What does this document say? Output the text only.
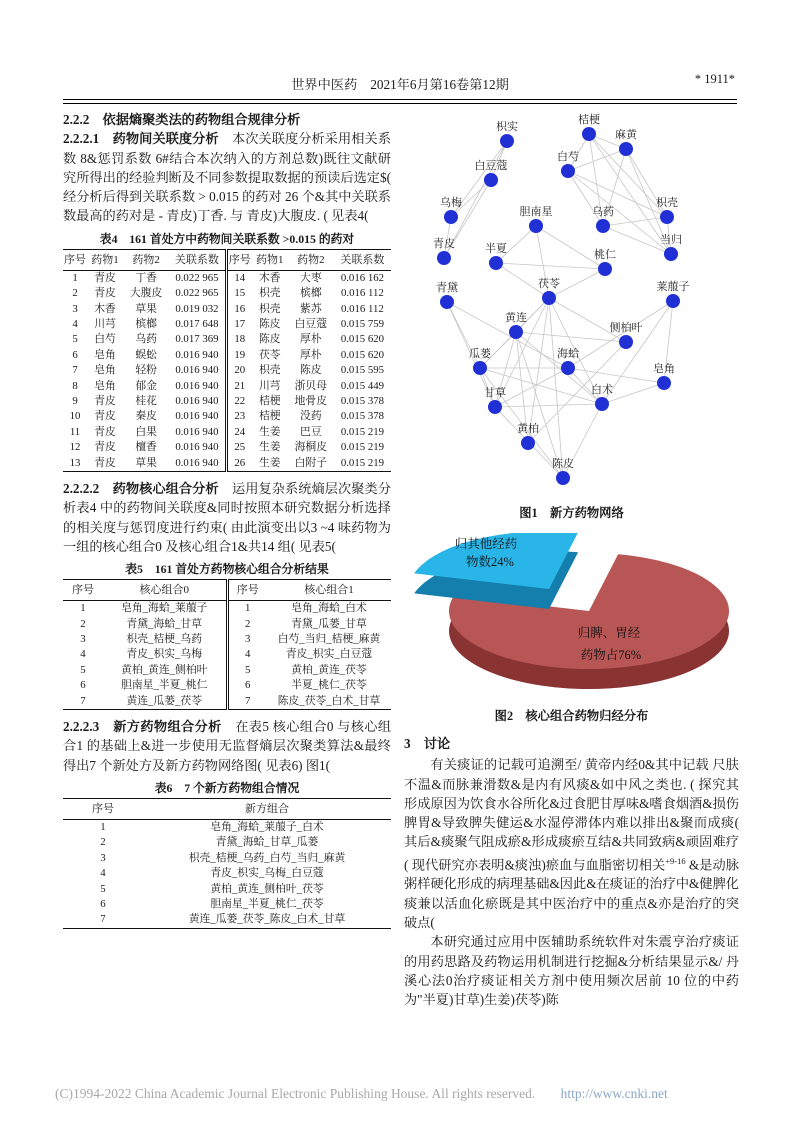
世界中医药　2021年6月第16卷第12期	* 1911*
2.2.2　依据熵聚类法的药物组合规律分析

2.2.2.1　药物间关联度分析　本次关联度分析采用相关系数 8&惩罚系数 6#结合本次纳入的方剂总数)既往文献研究所得出的经验判断及不同参数提取数据的预读后选定$( 经分析后得到关联系数 > 0.015 的药对 26 个&其中关联系数最高的药对是 - 青皮)丁香. 与 青皮)大腹皮. ( 见表4(

表4　161 首处方中药物间关联系数 >0.015 的药对
序号	药物1	药物2	关联系数	序号	药物1	药物2	关联系数
1	青皮	丁香	0.022 965	14	木香	大枣	0.016 162
2	青皮	大腹皮	0.022 965	15	枳壳	槟榔	0.016 112
3	木香	草果	0.019 032	16	枳壳	紫苏	0.016 112
4	川芎	槟榔	0.017 648	17	陈皮	白豆蔻	0.015 759
5	白芍	乌药	0.017 369	18	陈皮	厚朴	0.015 620
6	皂角	蜈蚣	0.016 940	19	茯苓	厚朴	0.015 620
7	皂角	轻粉	0.016 940	20	枳壳	陈皮	0.015 595
8	皂角	郁金	0.016 940	21	川芎	浙贝母	0.015 449
9	青皮	桂花	0.016 940	22	桔梗	地骨皮	0.015 378
10	青皮	秦皮	0.016 940	23	桔梗	没药	0.015 378
11	青皮	白果	0.016 940	24	生姜	巴豆	0.015 219
12	青皮	檀香	0.016 940	25	生姜	海桐皮	0.015 219
13	青皮	草果	0.016 940	26	生姜	白附子	0.015 219

2.2.2.2　药物核心组合分析　运用复杂系统熵层次聚类分析表4 中的药物间关联度&同时按照本研究数据分析选择的相关度与惩罚度进行约束( 由此演变出以3 ~4 味药物为一组的核心组合0 及核心组合1&共14 组( 见表5(

表5　161 首处方药物核心组合分析结果
序号	核心组合0	序号	核心组合1
1	皂角_海蛤_莱菔子	1	皂角_海蛤_白术
2	青黛_海蛤_甘草	2	青黛_瓜蒌_甘草
3	枳壳_桔梗_乌药	3	白芍_当归_桔梗_麻黄
4	青皮_枳实_乌梅	4	青皮_枳实_白豆蔻
5	黄柏_黄连_侧柏叶	5	黄柏_黄连_茯苓
6	胆南星_半夏_桃仁	6	半夏_桃仁_茯苓
7	黄连_瓜蒌_茯苓	7	陈皮_茯苓_白术_甘草

2.2.2.3　新方药物组合分析　在表5 核心组合0 与核心组合1 的基础上&进一步使用无监督熵层次聚类算法&最终得出7 个新处方及新方药物网络图( 见表6) 图1(

表6　7 个新方药物组合情况
序号	新方组合
1	皂角_海蛤_莱菔子_白术
2	青黛_海蛤_甘草_瓜蒌
3	枳壳_桔梗_乌药_白芍_当归_麻黄
4	青皮_枳实_乌梅_白豆蔻
5	黄柏_黄连_侧柏叶_茯苓
6	胆南星_半夏_桃仁_茯苓
7	黄连_瓜蒌_茯苓_陈皮_白术_甘草
枳实
桔梗
麻黄
白豆蔻
白芍
乌梅
胆南星	乌药
枳壳
青皮	半夏	桃仁
当归
青黛	茯苓	莱菔子
黄连
侧柏叶
瓜蒌	海蛤
皂角
甘草	白术
黄柏
陈皮
图1　新方药物网络
归其他经药
物数24%
归脾、胃经
药物占76%
图2　核心组合药物归经分布
3　讨论

有关痰证的记载可追溯至/ 黄帝内经0&其中记载 尺肤不温&而脉兼滑数&是内有风痰&如中风之类也. ( 探究其形成原因为饮食水谷所化&过食肥甘厚味&嗜食烟酒&损伤脾胃&导致脾失健运&水湿停滞体内难以排出&聚而成痰( 其后&痰聚气阻成瘀&形成痰瘀互结&共同致病&顽固难疗( 现代研究亦表明&痰浊)瘀血与血脂密切相关$^{+9-16}$ &是动脉粥样硬化形成的病理基础&因此&在痰证的治疗中&健脾化痰兼以活血化瘀既是其中医治疗中的重点&亦是治疗的突破点(

本研究通过应用中医辅助系统软件对朱震亨治疗痰证的用药思路及药物运用机制进行挖掘&分析结果显示&/ 丹溪心法0治疗痰证相关方剂中使用频次居前 10 位的中药为"半夏)甘草)生姜)茯苓)陈

(C)1994-2022 China Academic Journal Electronic Publishing House. All rights reserved. http://www.cnki.net
